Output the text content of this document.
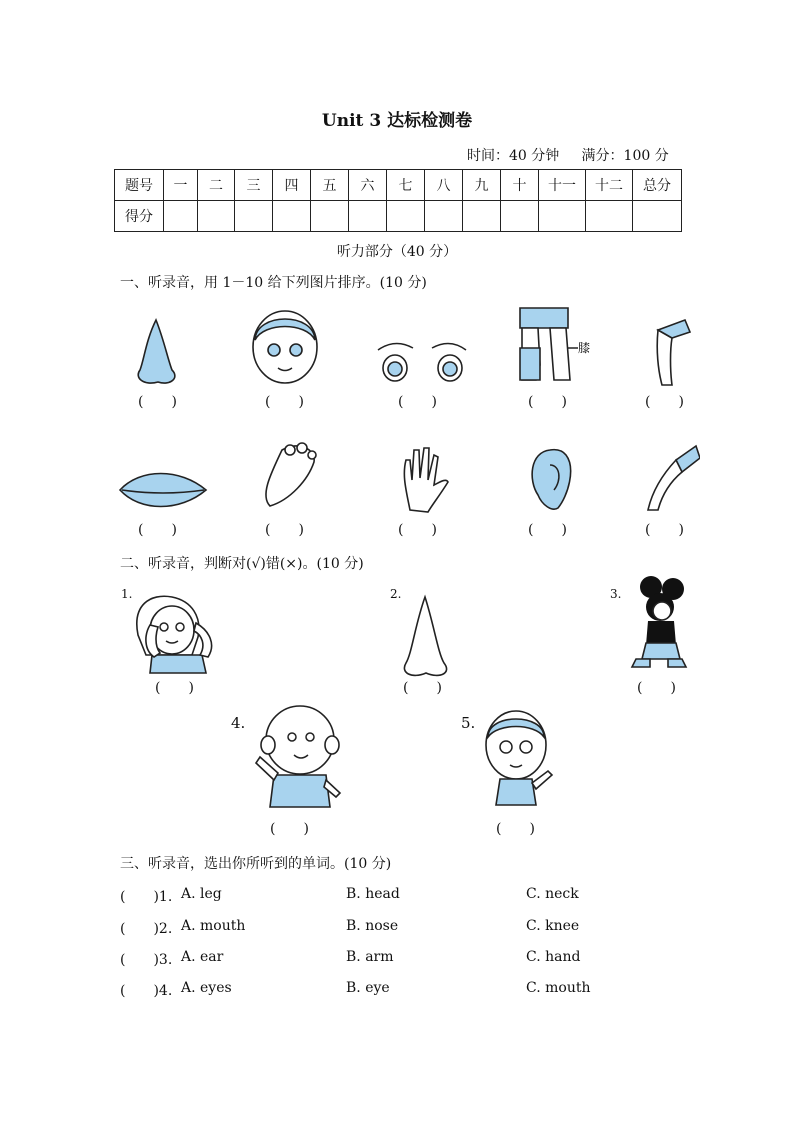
Unit 3 达标检测卷
时间：40 分钟 满分：100 分
题号	一	二	三	四	五	六	七	八	九	十	十一	十二	总分
得分													
听力部分（40 分）
一、听录音，用 1－10 给下列图片排序。(10 分)
膝
(　　)	(　　)	(　　)	(　　)	(　　)
(　　)	(　　)	(　　)	(　　)	(　　)
二、听录音，判断对(√)错(×)。(10 分)
1.	2.	3.
4.	5.
(　　)	(　　)	(　　)
(　　)	(　　)
三、听录音，选出你所听到的单词。(10 分)
(　　)1. A. leg	B. head	C. neck
(　　)2. A. mouth	B. nose	C. knee
(　　)3. A. ear	B. arm	C. hand
(　　)4. A. eyes	B. eye	C. mouth
